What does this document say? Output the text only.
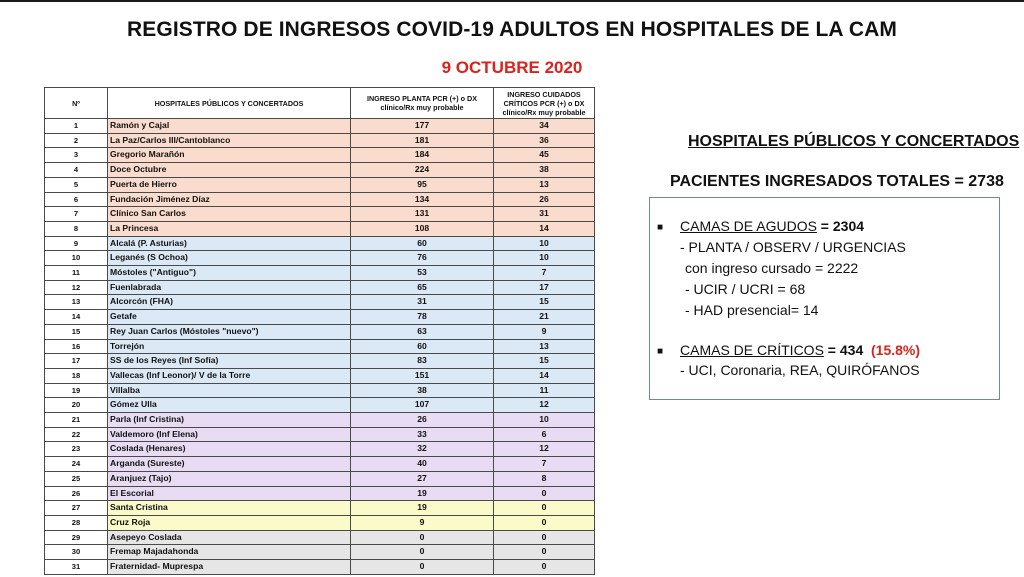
REGISTRO DE INGRESOS COVID-19 ADULTOS EN HOSPITALES DE LA CAM
9 OCTUBRE 2020
Nº	HOSPITALES PÚBLICOS Y CONCERTADOS	INGRESO PLANTA PCR (+) o DX clínico/Rx muy probable	INGRESO CUIDADOS CRÍTICOS PCR (+) o DX clínico/Rx muy probable
1	Ramón y Cajal	177	34
2	La Paz/Carlos III/Cantoblanco	181	36
3	Gregorio Marañón	184	45
4	Doce Octubre	224	38
5	Puerta de Hierro	95	13
6	Fundación Jiménez Díaz	134	26
7	Clínico San Carlos	131	31
8	La Princesa	108	14
9	Alcalá (P. Asturias)	60	10
10	Leganés (S Ochoa)	76	10
11	Móstoles ("Antiguo")	53	7
12	Fuenlabrada	65	17
13	Alcorcón (FHA)	31	15
14	Getafe	78	21
15	Rey Juan Carlos (Móstoles "nuevo")	63	9
16	Torrejón	60	13
17	SS de los Reyes (Inf Sofía)	83	15
18	Vallecas (Inf Leonor)/ V de la Torre	151	14
19	Villalba	38	11
20	Gómez Ulla	107	12
21	Parla (Inf Cristina)	26	10
22	Valdemoro (Inf Elena)	33	6
23	Coslada (Henares)	32	12
24	Arganda (Sureste)	40	7
25	Aranjuez (Tajo)	27	8
26	El Escorial	19	0
27	Santa Cristina	19	0
28	Cruz Roja	9	0
29	Asepeyo Coslada	0	0
30	Fremap Majadahonda	0	0
31	Fraternidad- Muprespa	0	0
HOSPITALES PÚBLICOS Y CONCERTADOS
PACIENTES INGRESADOS TOTALES = 2738
■ CAMAS DE AGUDOS = 2304
- PLANTA / OBSERV / URGENCIAS
con ingreso cursado = 2222
- UCIR / UCRI = 68
- HAD presencial= 14
■ CAMAS DE CRÍTICOS = 434 (15.8%)
- UCI, Coronaria, REA, QUIRÓFANOS
